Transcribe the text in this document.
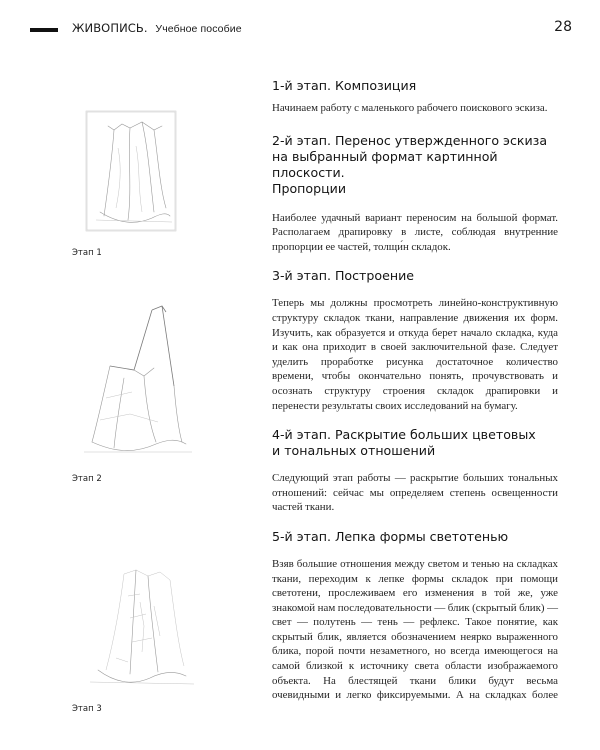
ЖИВОПИСЬ. Учебное пособие	28
Этап 1
Этап 2
Этап 3
1-й этап. Композиция

Начинаем работу с маленького рабочего поискового эскиза.

2-й этап. Перенос утвержденного эскиза
на выбранный формат картинной плоскости.
Пропорции

Наиболее удачный вариант переносим на большой формат. Располагаем драпировку в листе, соблюдая внутренние пропорции ее частей, толщи́н складок.

3-й этап. Построение

Теперь мы должны просмотреть линейно-конструктивную структуру складок ткани, направление движения их форм. Изучить, как образуется и откуда берет начало складка, куда и как она приходит в своей заключительной фазе. Следует уделить проработке рисунка достаточное количество времени, чтобы окончательно понять, прочувствовать и осознать структуру строения складок драпировки и перенести результаты своих исследований на бумагу.

4-й этап. Раскрытие больших цветовых
и тональных отношений

Следующий этап работы — раскрытие больших тональных отношений: сейчас мы определяем степень освещенности частей ткани.

5-й этап. Лепка формы светотенью

Взяв большие отношения между светом и тенью на складках ткани, переходим к лепке формы складок при помощи светотени, прослеживаем его изменения в той же, уже знакомой нам последовательности — блик (скрытый блик) — свет — полутень — тень — рефлекс. Такое понятие, как скрытый блик, является обозначением неярко выраженного блика, порой почти незаметного, но всегда имеющегося на самой близкой к источнику света области изображаемого объекта. На блестящей ткани блики будут весьма очевидными и легко фиксируемыми. А на складках более
